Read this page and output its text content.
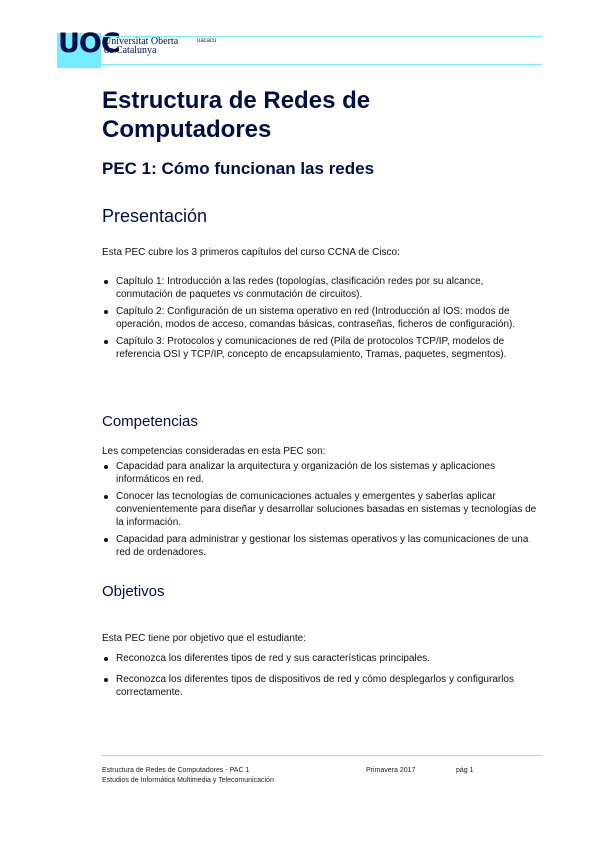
UOC
Universitat Oberta
de Catalunya
uacacu
Estructura de Redes de Computadores
PEC 1: Cómo funcionan las redes
Presentación

Esta PEC cubre los 3 primeros capítulos del curso CCNA de Cisco:

Capítulo 1: Introducción a las redes (topologías, clasificación redes por su alcance, conmutación de paquetes vs conmutación de circuitos).
Capítulo 2: Configuración de un sistema operativo en red (Introducción al IOS: modos de operación, modos de acceso, comandas básicas, contraseñas, ficheros de configuración).
Capítulo 3: Protocolos y comunicaciones de red (Pila de protocolos TCP/IP, modelos de referencia OSI y TCP/IP, concepto de encapsulamiento, Tramas, paquetes, segmentos).
Competencias

Les competencias consideradas en esta PEC son:

Capacidad para analizar la arquitectura y organización de los sistemas y aplicaciones informáticos en red.
Conocer las tecnologías de comunicaciones actuales y emergentes y saberlas aplicar convenientemente para diseñar y desarrollar soluciones basadas en sistemas y tecnologías de la información.
Capacidad para administrar y gestionar los sistemas operativos y las comunicaciones de una red de ordenadores.
Objetivos

Esta PEC tiene por objetivo que el estudiante:

Reconozca los diferentes tipos de red y sus características principales.
Reconozca los diferentes tipos de dispositivos de red y cómo desplegarlos y configurarlos correctamente.
Estructura de Redes de Computadores - PAC 1
Estudios de Informática Multimedia y Telecomunicación
Primavera 2017	pág 1
